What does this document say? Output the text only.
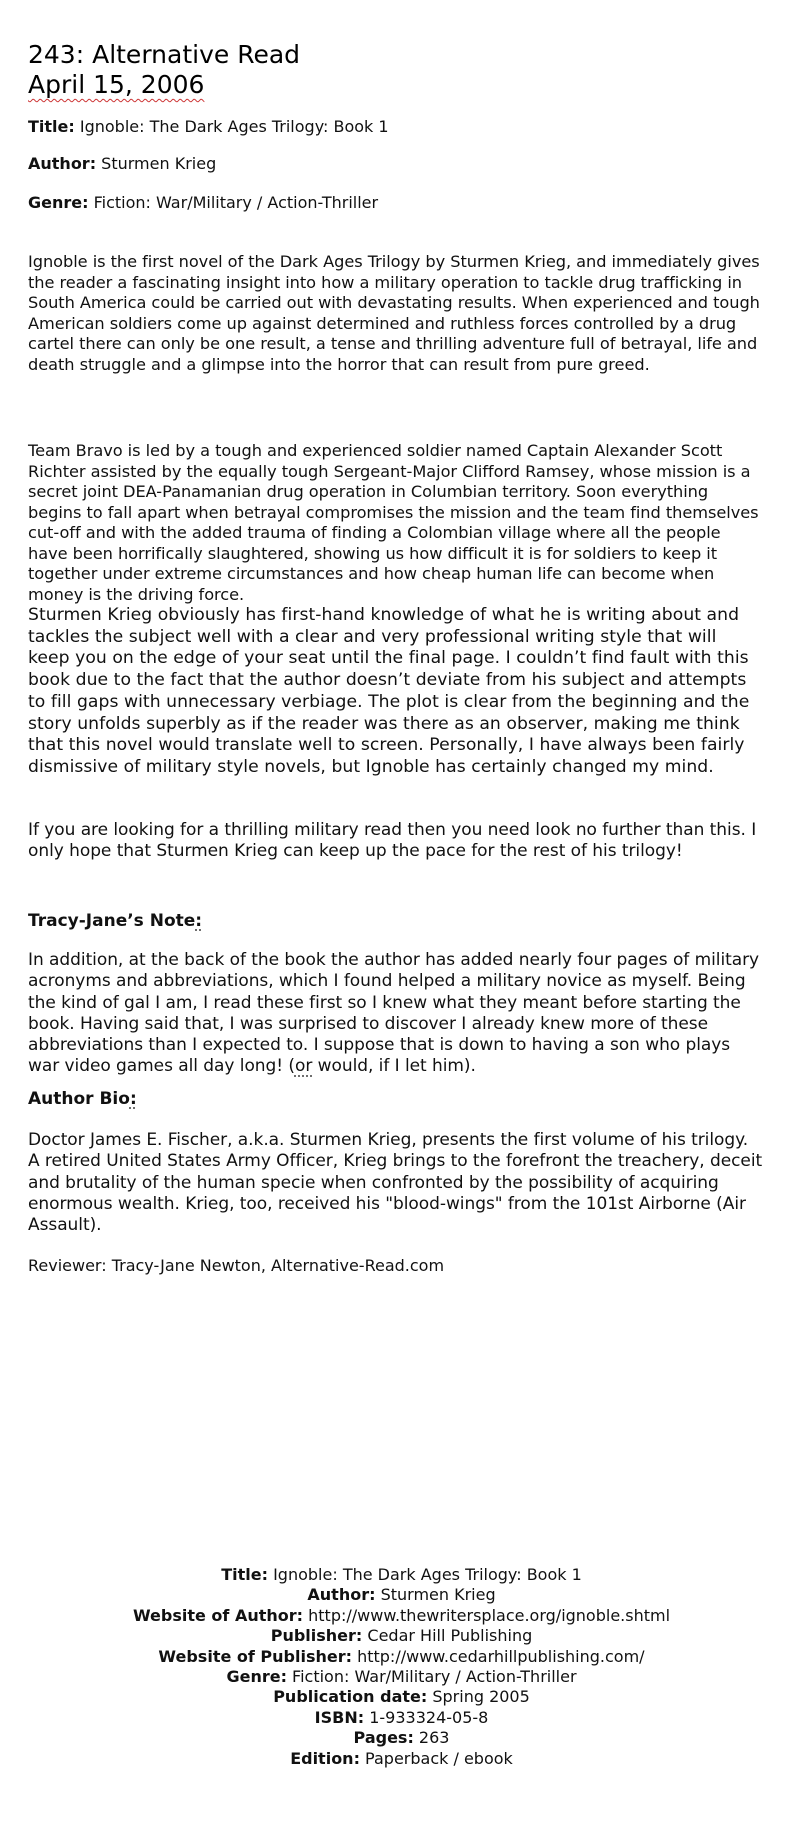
243: Alternative Read
April 15, 2006
Title: Ignoble: The Dark Ages Trilogy: Book 1
Author: Sturmen Krieg
Genre: Fiction: War/Military / Action-Thriller
Ignoble is the first novel of the Dark Ages Trilogy by Sturmen Krieg, and immediately gives the reader a fascinating insight into how a military operation to tackle drug trafficking in South America could be carried out with devastating results. When experienced and tough American soldiers come up against determined and ruthless forces controlled by a drug cartel there can only be one result, a tense and thrilling adventure full of betrayal, life and death struggle and a glimpse into the horror that can result from pure greed.
Team Bravo is led by a tough and experienced soldier named Captain Alexander Scott Richter assisted by the equally tough Sergeant-Major Clifford Ramsey, whose mission is a secret joint DEA-Panamanian drug operation in Columbian territory. Soon everything begins to fall apart when betrayal compromises the mission and the team find themselves cut-off and with the added trauma of finding a Colombian village where all the people have been horrifically slaughtered, showing us how difficult it is for soldiers to keep it together under extreme circumstances and how cheap human life can become when money is the driving force.
Sturmen Krieg obviously has first-hand knowledge of what he is writing about and tackles the subject well with a clear and very professional writing style that will keep you on the edge of your seat until the final page. I couldn’t find fault with this book due to the fact that the author doesn’t deviate from his subject and attempts to fill gaps with unnecessary verbiage. The plot is clear from the beginning and the story unfolds superbly as if the reader was there as an observer, making me think that this novel would translate well to screen. Personally, I have always been fairly dismissive of military style novels, but Ignoble has certainly changed my mind.
If you are looking for a thrilling military read then you need look no further than this. I only hope that Sturmen Krieg can keep up the pace for the rest of his trilogy!
Tracy-Jane’s Note:
In addition, at the back of the book the author has added nearly four pages of military acronyms and abbreviations, which I found helped a military novice as myself. Being the kind of gal I am, I read these first so I knew what they meant before starting the book. Having said that, I was surprised to discover I already knew more of these abbreviations than I expected to. I suppose that is down to having a son who plays war video games all day long! (or would, if I let him).
Author Bio:
Doctor James E. Fischer, a.k.a. Sturmen Krieg, presents the first volume of his trilogy. A retired United States Army Officer, Krieg brings to the forefront the treachery, deceit and brutality of the human specie when confronted by the possibility of acquiring enormous wealth. Krieg, too, received his "blood-wings" from the 101st Airborne (Air Assault).
Reviewer: Tracy-Jane Newton, Alternative-Read.com
Title: Ignoble: The Dark Ages Trilogy: Book 1
Author: Sturmen Krieg
Website of Author: http://www.thewritersplace.org/ignoble.shtml
Publisher: Cedar Hill Publishing
Website of Publisher: http://www.cedarhillpublishing.com/
Genre: Fiction: War/Military / Action-Thriller
Publication date: Spring 2005
ISBN: 1-933324-05-8
Pages: 263
Edition: Paperback / ebook
